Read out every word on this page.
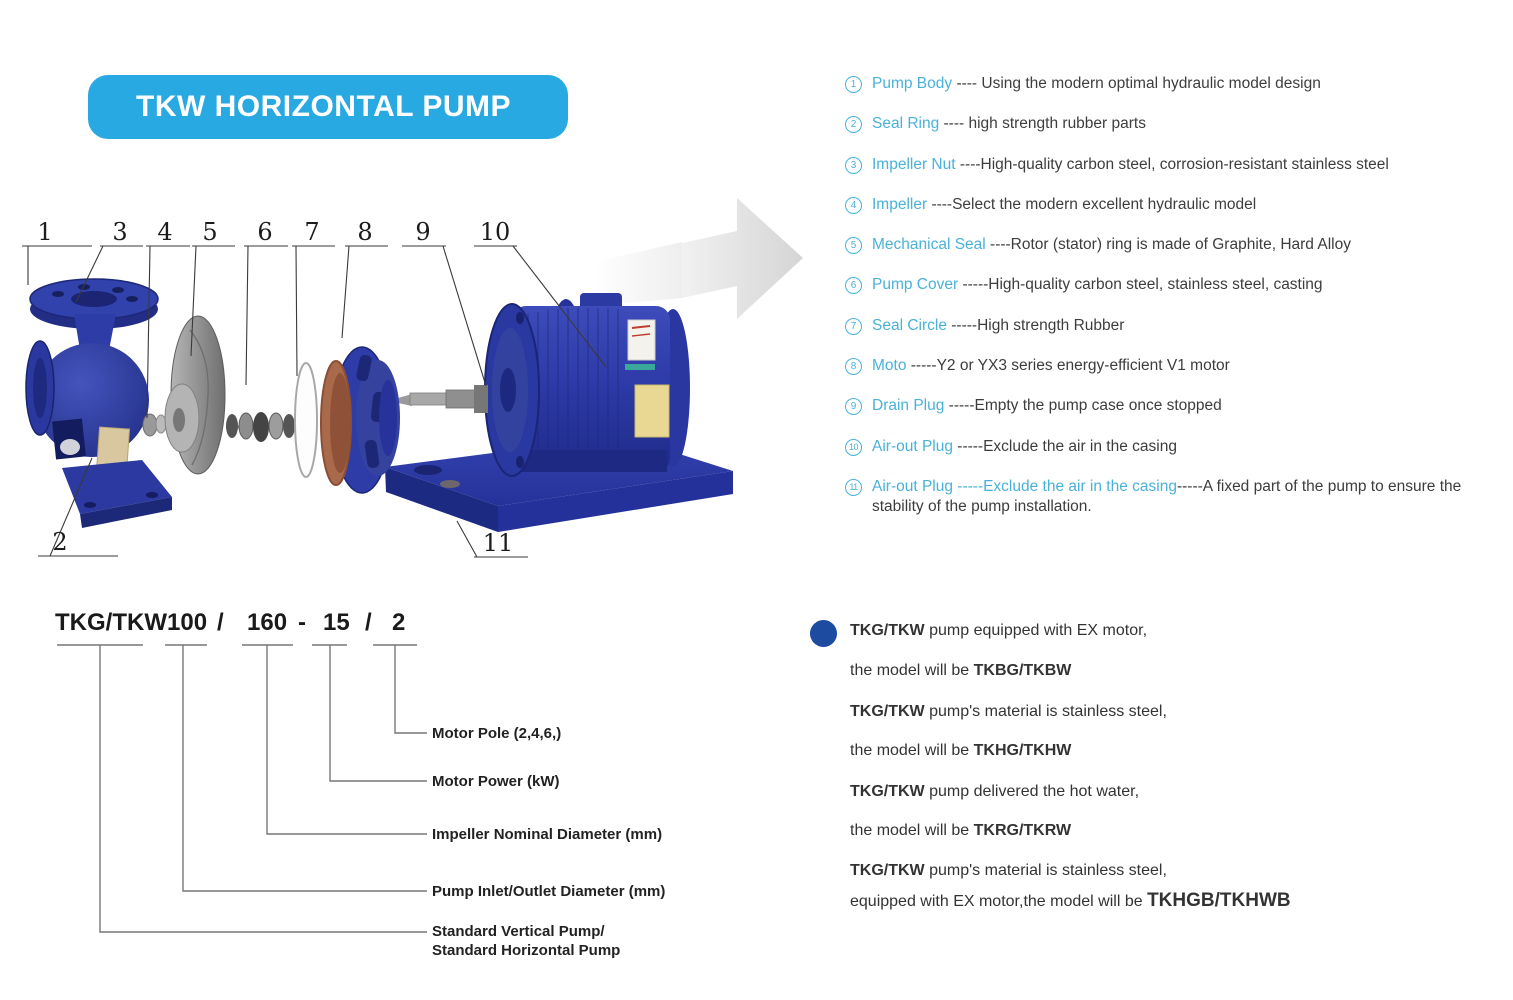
TKW HORIZONTAL PUMP
1 3 4 5 6 7 8 9 10
2	11
1	Pump Body ---- Using the modern optimal hydraulic model design
2	Seal Ring ---- high strength rubber parts
3	Impeller Nut ----High-quality carbon steel, corrosion-resistant stainless steel
4	Impeller ----Select the modern excellent hydraulic model
5	Mechanical Seal ----Rotor (stator) ring is made of Graphite, Hard Alloy
6	Pump Cover -----High-quality carbon steel, stainless steel, casting
7	Seal Circle -----High strength Rubber
8	Moto -----Y2 or YX3 series energy-efficient V1 motor
9	Drain Plug -----Empty the pump case once stopped
10 Air-out Plug -----Exclude the air in the casing
11 Air-out Plug -----Exclude the air in the casing-----A fixed part of the pump to ensure the stability of the pump installation.
TKG/TKW 100 / 160 - 15 / 2
Motor Pole (2,4,6,)
Motor Power (kW)
Impeller Nominal Diameter (mm)
Pump Inlet/Outlet Diameter (mm)
Standard Vertical Pump/
Standard Horizontal Pump
TKG/TKW pump equipped with EX motor,
the model will be TKBG/TKBW
TKG/TKW pump's material is stainless steel,
the model will be TKHG/TKHW
TKG/TKW pump delivered the hot water,
the model will be TKRG/TKRW
TKG/TKW pump's material is stainless steel,
equipped with EX motor,the model will be TKHGB/TKHWB
